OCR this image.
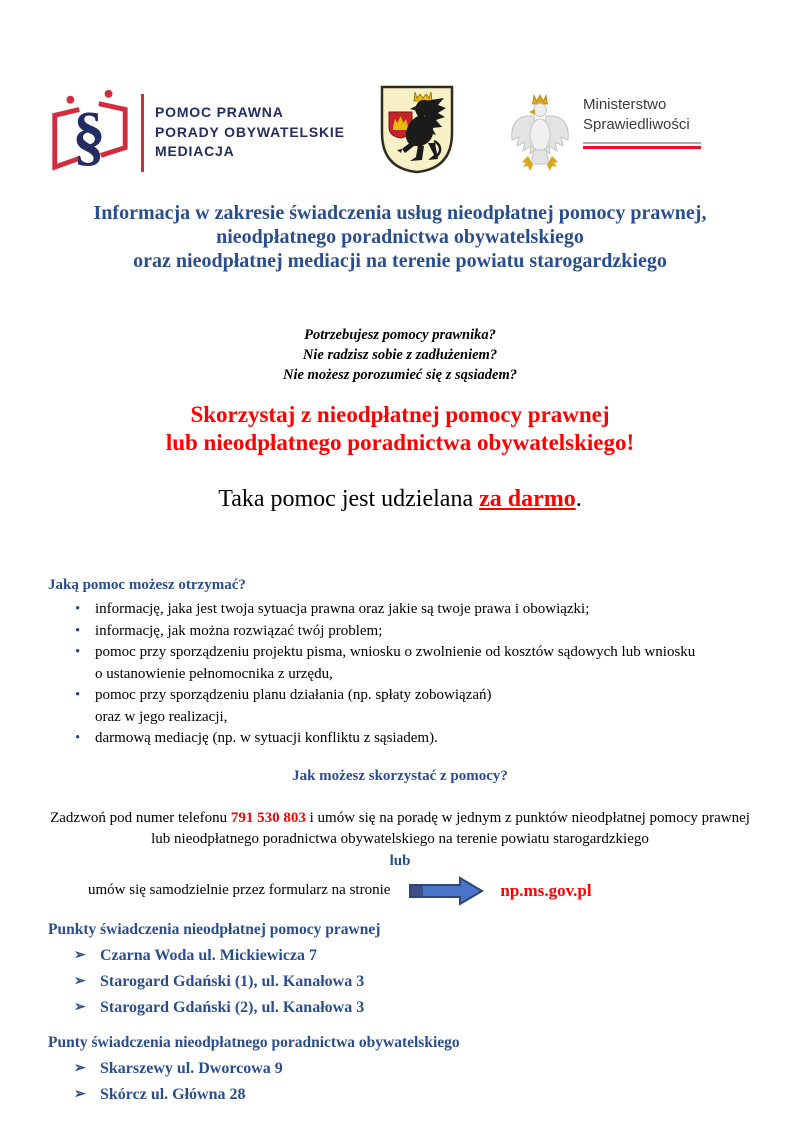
§	POMOC PRAWNA
PORADY OBYWATELSKIE
MEDIACJA
Ministerstwo
Sprawiedliwości
Informacja w zakresie świadczenia usług nieodpłatnej pomocy prawnej,
nieodpłatnego poradnictwa obywatelskiego
oraz nieodpłatnej mediacji na terenie powiatu starogardzkiego
Potrzebujesz pomocy prawnika?
Nie radzisz sobie z zadłużeniem?
Nie możesz porozumieć się z sąsiadem?
Skorzystaj z nieodpłatnej pomocy prawnej
lub nieodpłatnego poradnictwa obywatelskiego!
Taka pomoc jest udzielana za darmo.
Jaką pomoc możesz otrzymać?
• informację, jaka jest twoja sytuacja prawna oraz jakie są twoje prawa i obowiązki;
• informację, jak można rozwiązać twój problem;
• pomoc przy sporządzeniu projektu pisma, wniosku o zwolnienie od kosztów sądowych lub wniosku
o ustanowienie pełnomocnika z urzędu,
• pomoc przy sporządzeniu planu działania (np. spłaty zobowiązań)
oraz w jego realizacji,
• darmową mediację (np. w sytuacji konfliktu z sąsiadem).
Jak możesz skorzystać z pomocy?
Zadzwoń pod numer telefonu 791 530 803 i umów się na poradę w jednym z punktów nieodpłatnej pomocy prawnej lub nieodpłatnego poradnictwa obywatelskiego na terenie powiatu starogardzkiego
lub
umów się samodzielnie przez formularz na stronie	np.ms.gov.pl
Punkty świadczenia nieodpłatnej pomocy prawnej
➢ Czarna Woda ul. Mickiewicza 7
➢ Starogard Gdański (1), ul. Kanałowa 3
➢ Starogard Gdański (2), ul. Kanałowa 3
Punty świadczenia nieodpłatnego poradnictwa obywatelskiego
➢ Skarszewy ul. Dworcowa 9
➢ Skórcz ul. Główna 28
